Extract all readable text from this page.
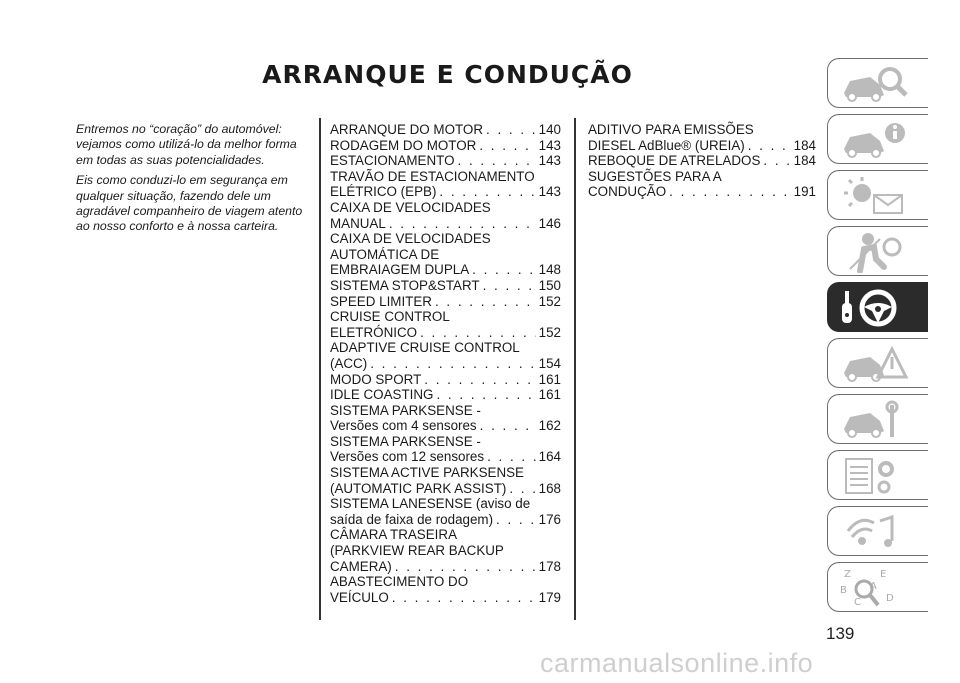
ARRANQUE E CONDUÇÃO

Entremos no “coração” do automóvel: vejamos como utilizá-lo da melhor forma em todas as suas potencialidades.

Eis como conduzi-lo em segurança em qualquer situação, fazendo dele um agradável companheiro de viagem atento ao nosso conforto e à nossa carteira.

ARRANQUE DO MOTOR . . .	140
RODAGEM DO MOTOR . . .	143
ESTACIONAMENTO . . .	143
TRAVÃO DE ESTACIONAMENTO
ELÉTRICO (EPB) . . .	143
CAIXA DE VELOCIDADES
MANUAL . . .	146
CAIXA DE VELOCIDADES
AUTOMÁTICA DE
EMBRAIAGEM DUPLA . . .	148
SISTEMA STOP&START . . .	150
SPEED LIMITER . . .	152
CRUISE CONTROL
ELETRÓNICO . . .	152
ADAPTIVE CRUISE CONTROL
(ACC) . . .	154
MODO SPORT . . .	161
IDLE COASTING . . .	161
SISTEMA PARKSENSE -
Versões com 4 sensores . . .	162
SISTEMA PARKSENSE -
Versões com 12 sensores . . .	164
SISTEMA ACTIVE PARKSENSE
(AUTOMATIC PARK ASSIST) . . . 168
SISTEMA LANESENSE (aviso de
saída de faixa de rodagem) . . .	176
CÂMARA TRASEIRA
(PARKVIEW REAR BACKUP
CAMERA) . . .	178
ABASTECIMENTO DO
VEÍCULO . . .	179
ADITIVO PARA EMISSÕES
DIESEL AdBlue® (UREIA) . . .	184
REBOQUE DE ATRELADOS . . . 184
SUGESTÕES PARA A
CONDUÇÃO . . .	191
Z	E
B A
C	D
139
carmanualsonline.info
